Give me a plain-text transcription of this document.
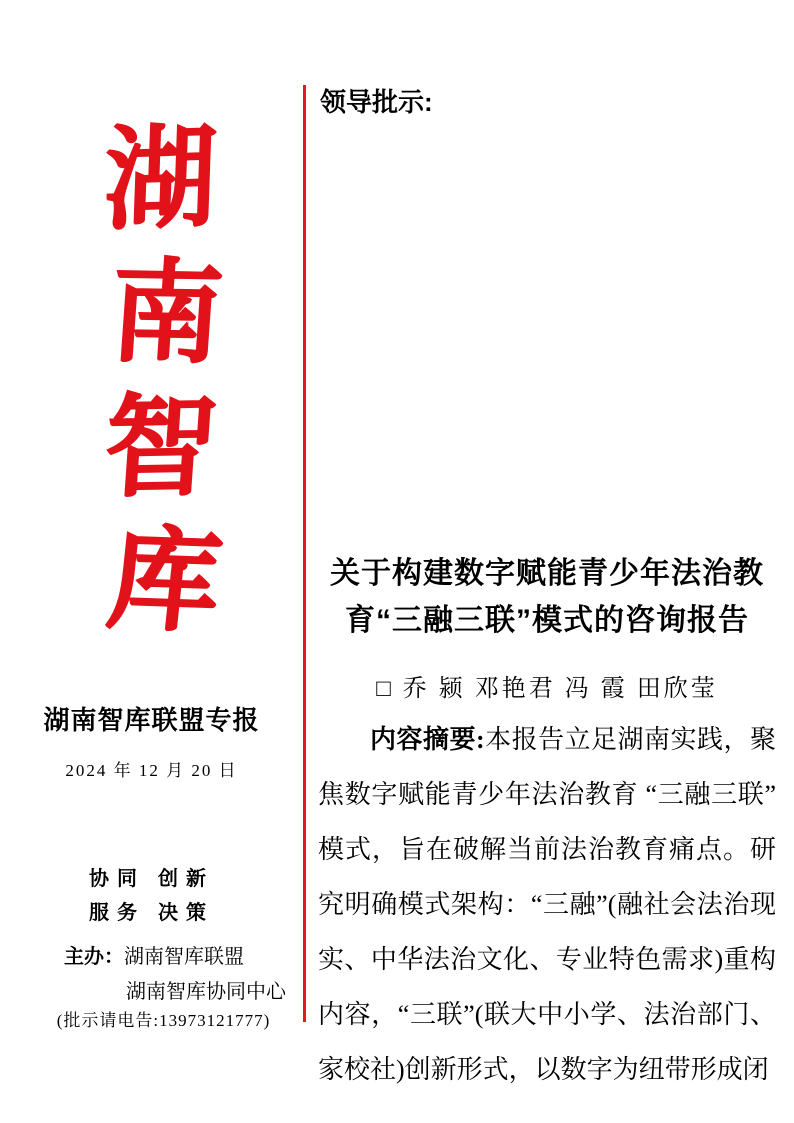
湖
南
智
库
湖南智库联盟专报
2024 年 12 月 20 日
协同 创新
服务 决策
主办：湖南智库联盟
湖南智库协同中心
(批示请电告:13973121777)
领导批示:
关于构建数字赋能青少年法治教
育“三融三联”模式的咨询报告
□ 乔 颍 邓艳君 冯 霞 田欣莹

内容摘要:本报告立足湖南实践，聚焦数字赋能青少年法治教育 “三融三联” 模式，旨在破解当前法治教育痛点。研究明确模式架构：“三融”(融社会法治现实、中华法治文化、专业特色需求)重构内容，“三联”(联大中小学、法治部门、家校社)创新形式，以数字为纽带形成闭
